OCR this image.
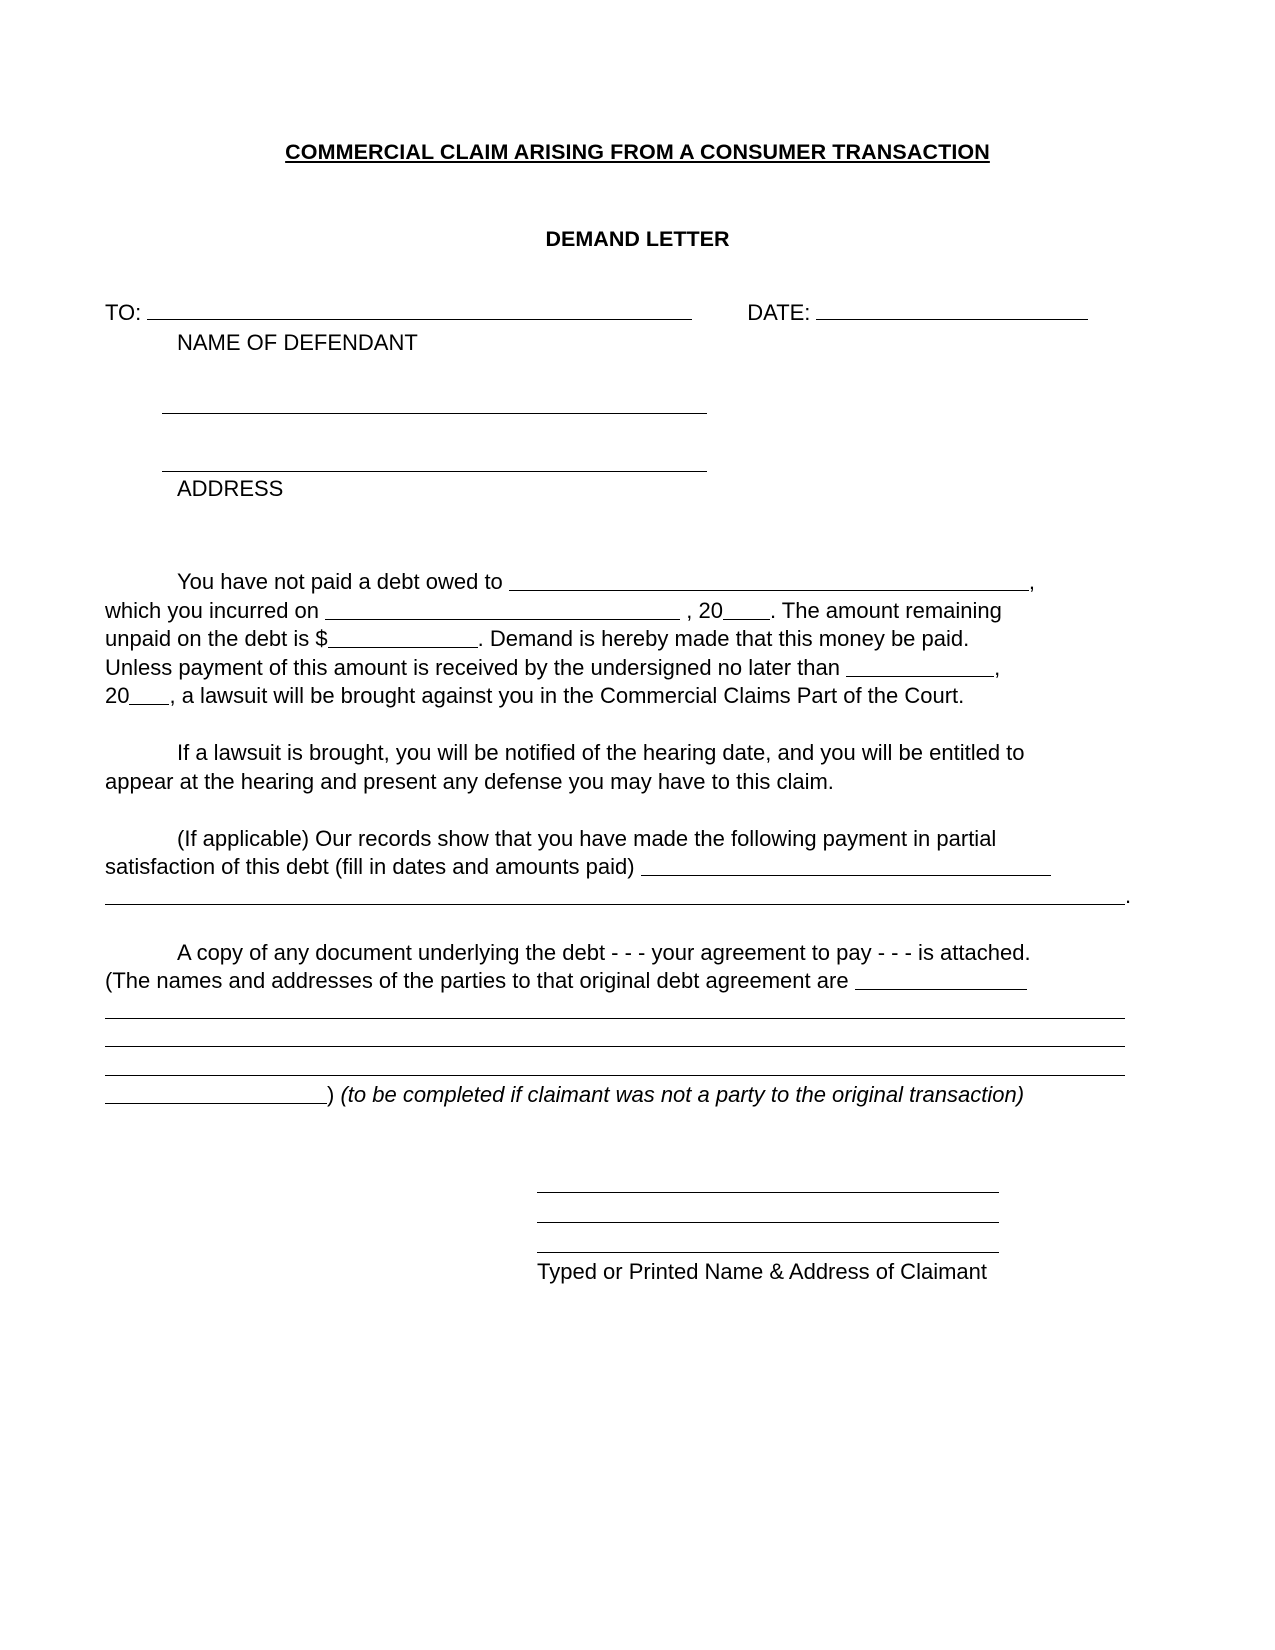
COMMERCIAL CLAIM ARISING FROM A CONSUMER TRANSACTION
DEMAND LETTER
TO:	DATE:
NAME OF DEFENDANT
ADDRESS

You have not paid a debt owed to	,
which you incurred on	, 20 . The amount remaining
unpaid on the debt is $	. Demand is hereby made that this money be paid.
Unless payment of this amount is received by the undersigned no later than	,
20 , a lawsuit will be brought against you in the Commercial Claims Part of the Court.

If a lawsuit is brought, you will be notified of the hearing date, and you will be entitled to
appear at the hearing and present any defense you may have to this claim.

(If applicable) Our records show that you have made the following payment in partial
satisfaction of this debt (fill in dates and amounts paid)
.

A copy of any document underlying the debt - - - your agreement to pay - - - is attached.
(The names and addresses of the parties to that original debt agreement are

) (to be completed if claimant was not a party to the original transaction)

Typed or Printed Name & Address of Claimant
